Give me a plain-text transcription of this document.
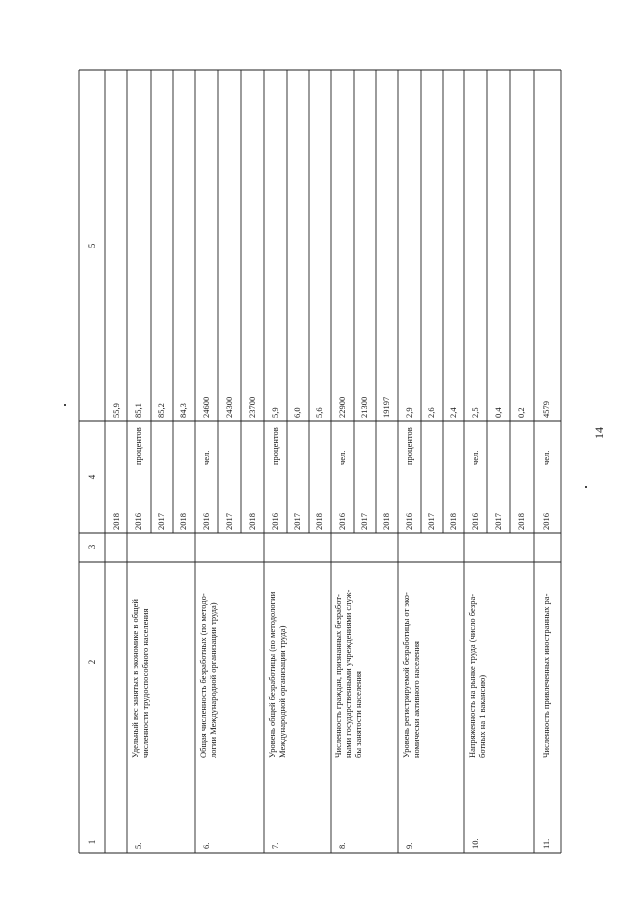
14
1
2
3
4
5
2018
55,9
5.
Удельный вес занятых в экономике в общей численности трудоспособного населения
2016 2017 2018
процентов
85,1 85,2 84,3
6.
Общая численность безработных (по методо- логии Международной организации труда)
2016 2017 2018
чел.
24600 24300 23700
7.
Уровень общей безработицы (по методологии Международной организации труда)
2016 2017 2018
процентов
5,9 6,0 5,6
8.
Численность граждан, признанных безработ- ными государственными учреждениями служ- бы занятости населения
2016 2017 2018
чел.
22900 21300 19197
9.
Уровень регистрируемой безработицы от эко- номически активного населения
2016 2017 2018
процентов
2,9 2,6 2,4
10.
Напряженность на рынке труда (число безра- ботных на 1 вакансию)
2016 2017 2018
чел.
2,5 0,4 0,2
11.
Численность привлеченных иностранных ра-
2016
чел.
4579
